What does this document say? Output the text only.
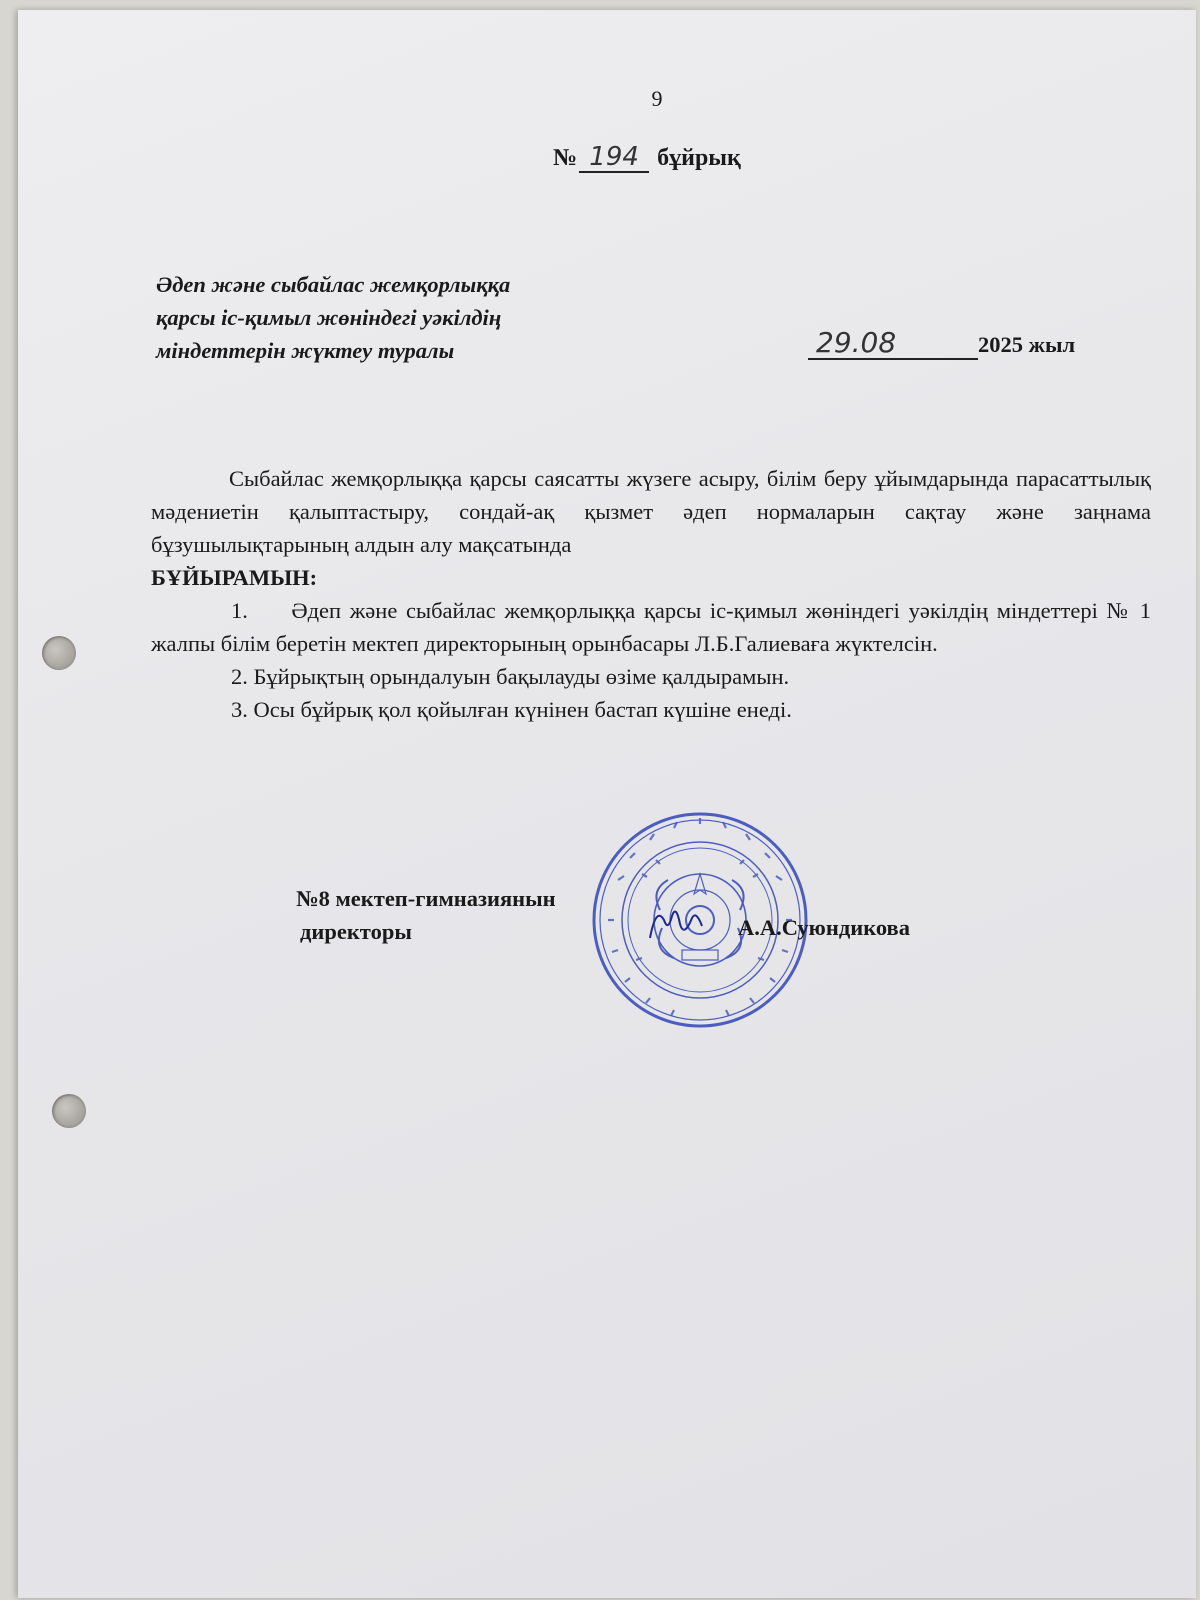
9
№ 194 бұйрық
Әдеп және сыбайлас жемқорлыққа
қарсы іс-қимыл жөніндегі уәкілдің
міндеттерін жүктеу туралы	29.08	2025 жыл

Сыбайлас жемқорлыққа қарсы саясатты жүзеге асыру, білім беру ұйымдарында парасаттылық мәдениетін қалыптастыру, сондай-ақ қызмет әдеп нормаларын сақтау және заңнама бұзушылықтарының алдын алу мақсатында

БҰЙЫРАМЫН:

1.     Әдеп және сыбайлас жемқорлыққа қарсы іс-қимыл жөніндегі уәкілдің міндеттері № 1 жалпы білім беретін мектеп директорының орынбасары Л.Б.Галиеваға жүктелсін.

2. Бұйрықтың орындалуын бақылауды өзіме қалдырамын.

3. Осы бұйрық қол қойылған күнінен бастап күшіне енеді.

№8 мектеп-гимназиянын
директоры	А.А.Суюндикова
